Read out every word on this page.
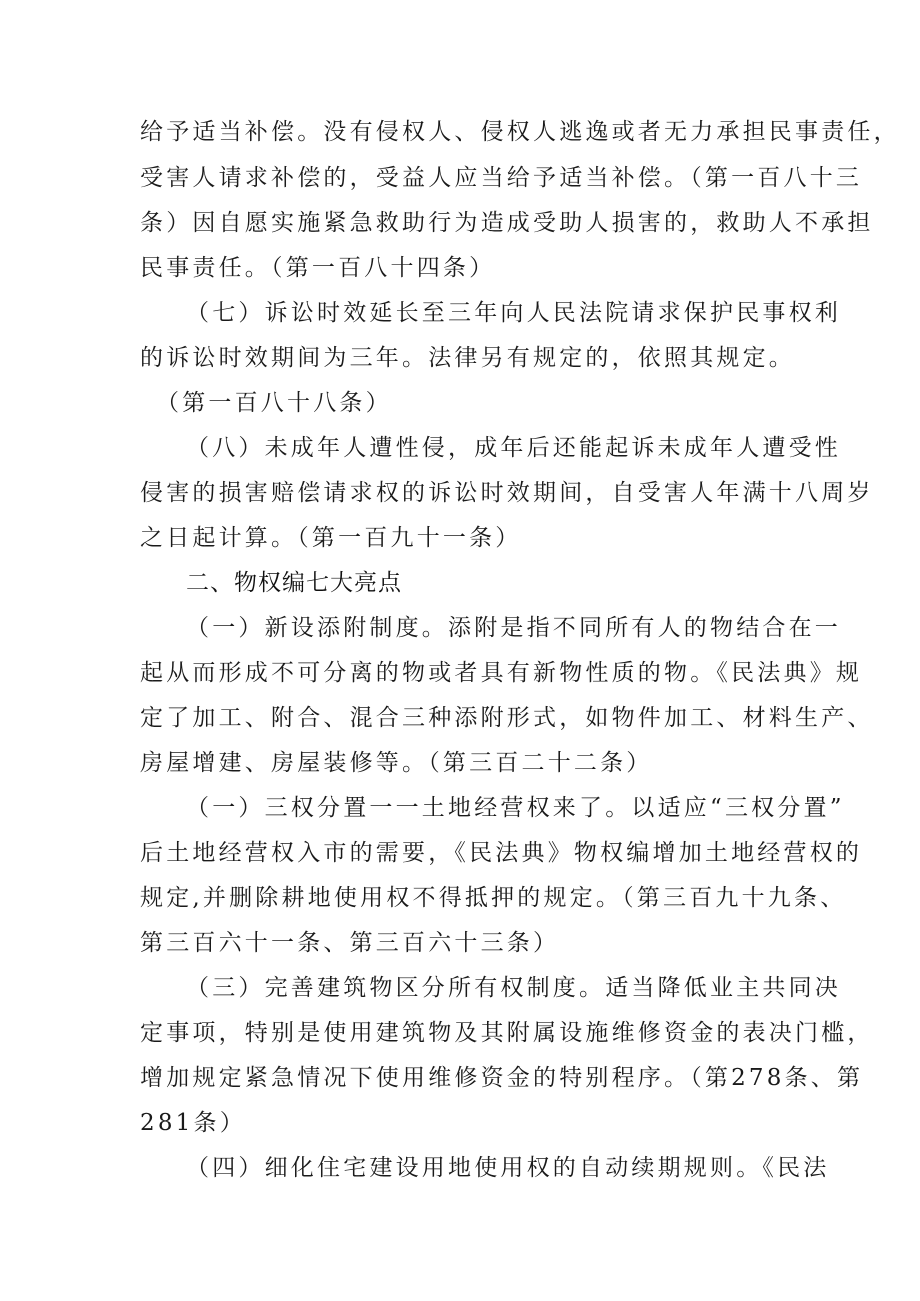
给予适当补偿。没有侵权人、侵权人逃逸或者无力承担民事责任，
受害人请求补偿的，受益人应当给予适当补偿。（第一百八十三
条）因自愿实施紧急救助行为造成受助人损害的，救助人不承担
民事责任。（第一百八十四条）
（七）诉讼时效延长至三年向人民法院请求保护民事权利
的诉讼时效期间为三年。法律另有规定的，依照其规定。
（第一百八十八条）
（八）未成年人遭性侵，成年后还能起诉未成年人遭受性
侵害的损害赔偿请求权的诉讼时效期间，自受害人年满十八周岁
之日起计算。（第一百九十一条）
二、物权编七大亮点
（一）新设添附制度。添附是指不同所有人的物结合在一
起从而形成不可分离的物或者具有新物性质的物。《民法典》规
定了加工、附合、混合三种添附形式，如物件加工、材料生产、
房屋增建、房屋装修等。（第三百二十二条）
（一）三权分置一一土地经营权来了。以适应“三权分置”
后土地经营权入市的需要，《民法典》物权编增加土地经营权的
规定,并删除耕地使用权不得抵押的规定。（第三百九十九条、
第三百六十一条、第三百六十三条）
（三）完善建筑物区分所有权制度。适当降低业主共同决
定事项，特别是使用建筑物及其附属设施维修资金的表决门槛，
增加规定紧急情况下使用维修资金的特别程序。（第278条、第
281条）
（四）细化住宅建设用地使用权的自动续期规则。《民法
